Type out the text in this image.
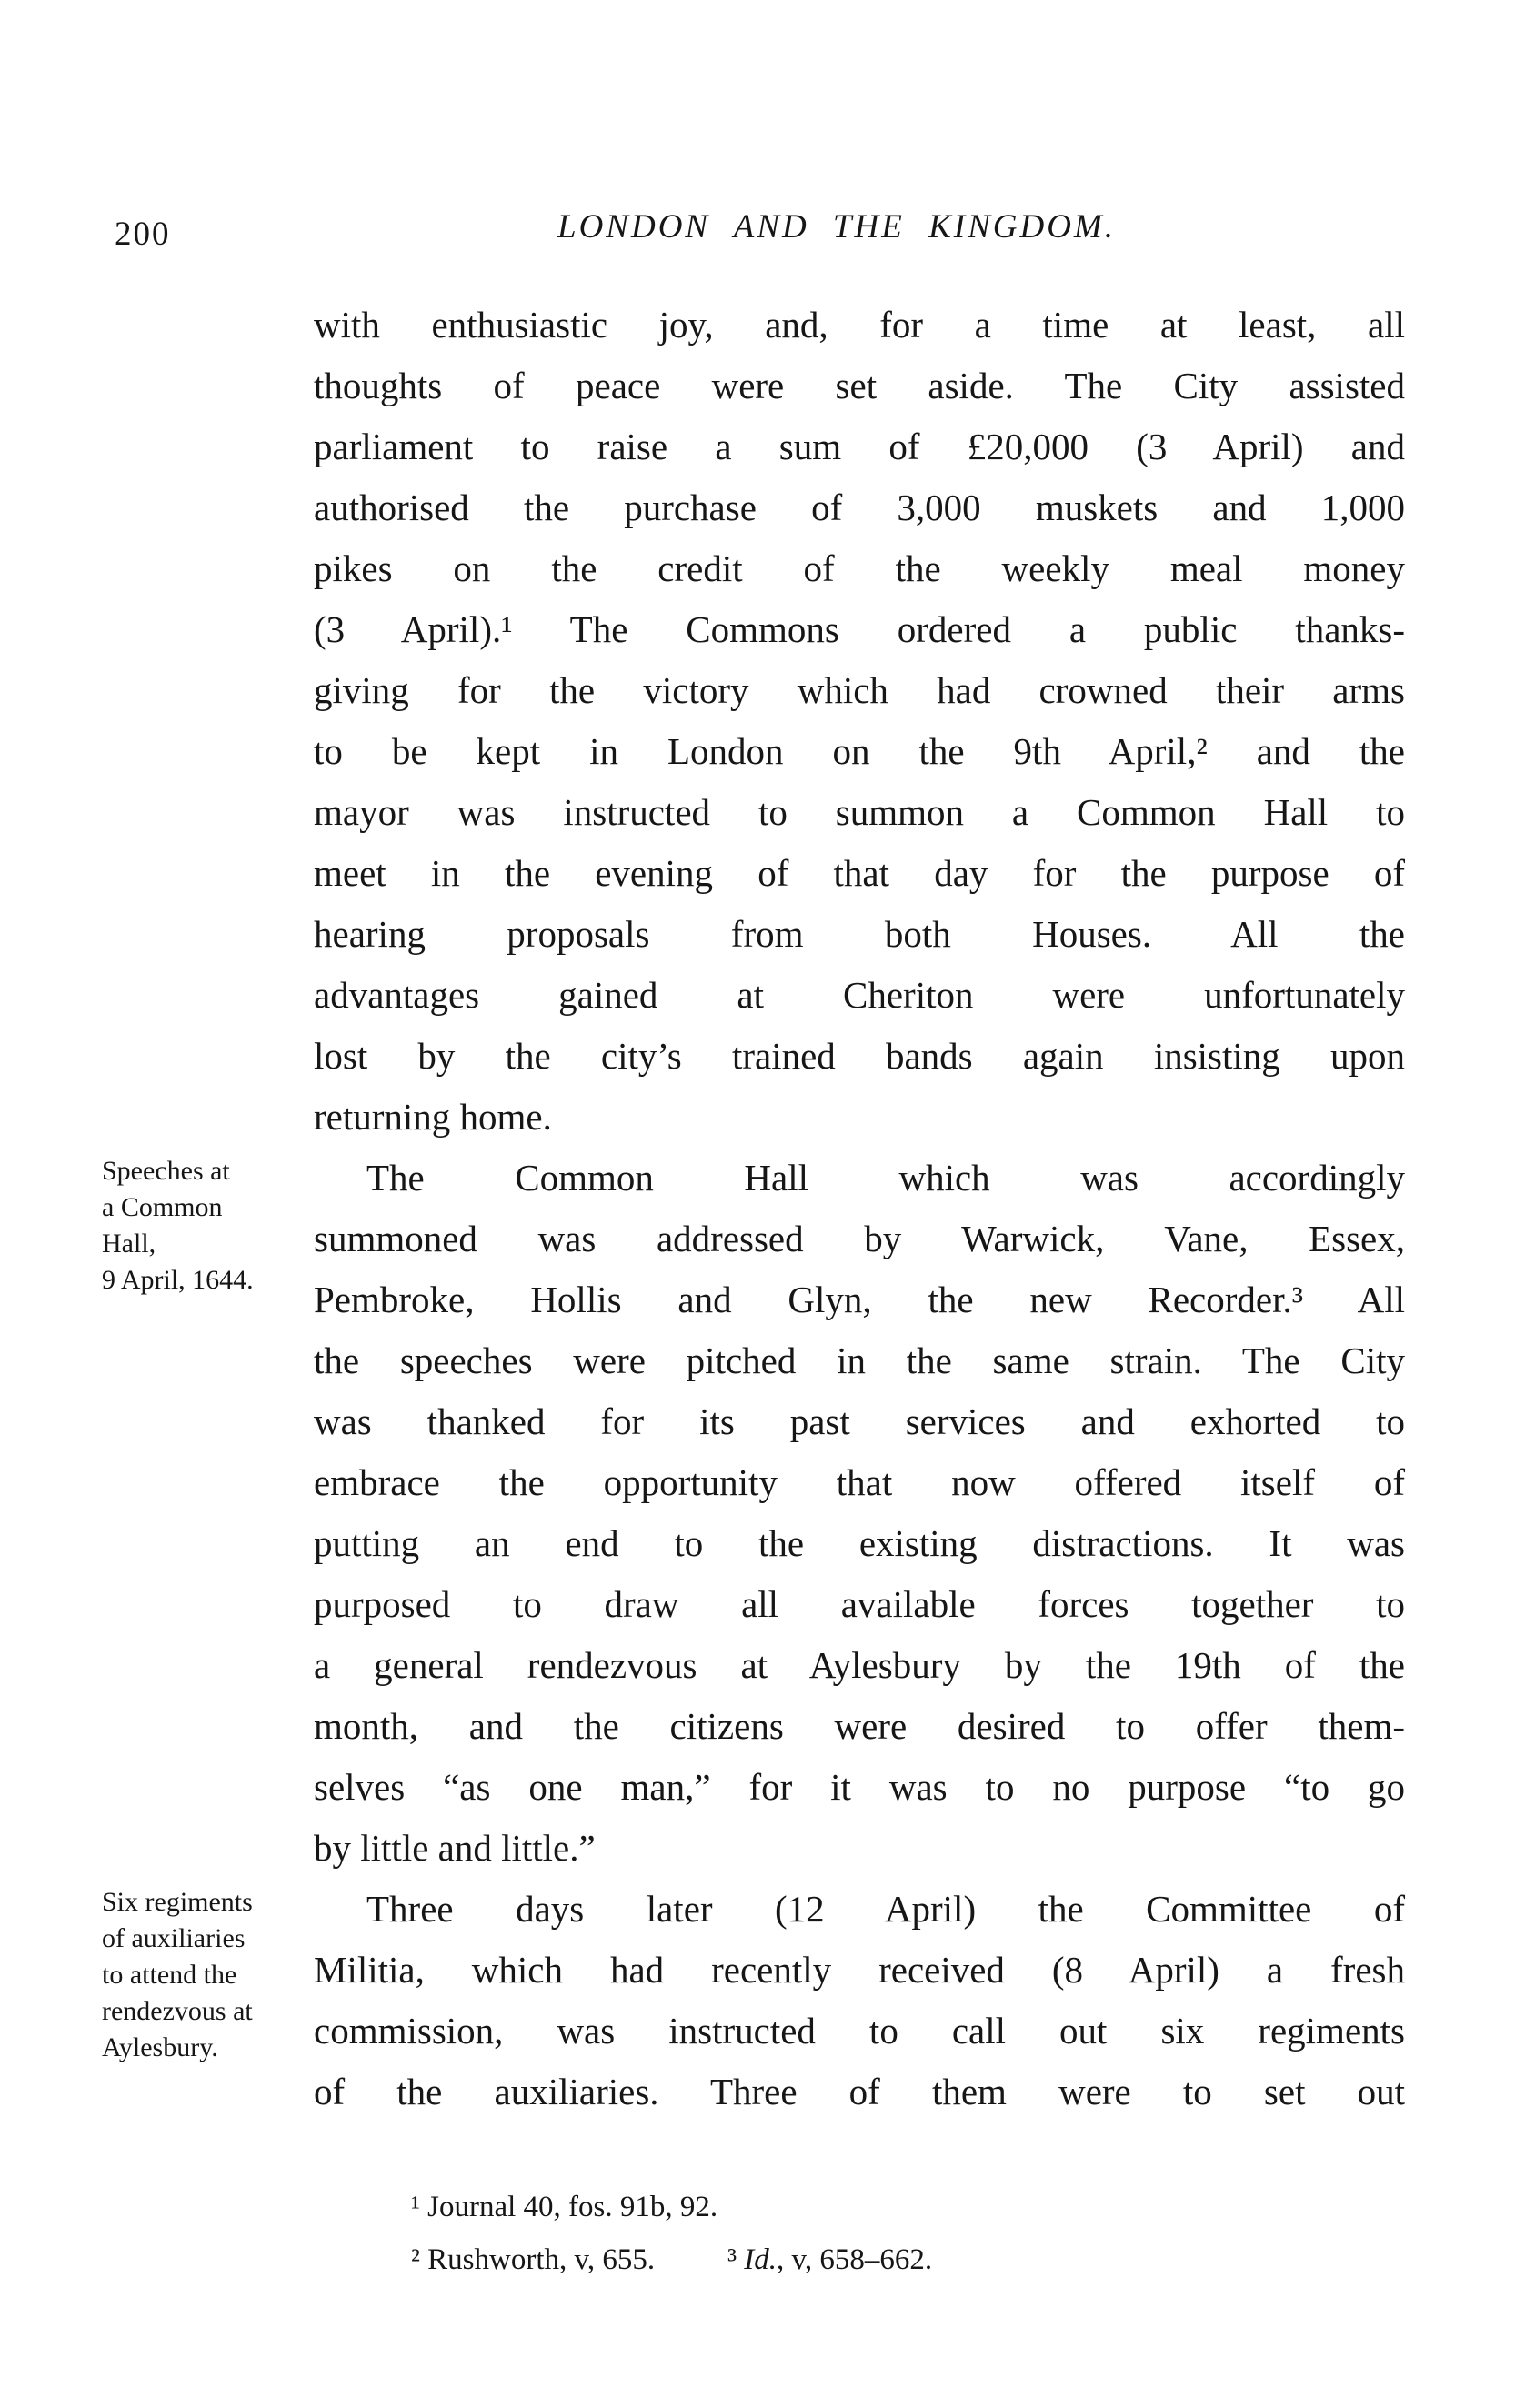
200	LONDON AND THE KINGDOM.
Speeches at
a Common
Hall,
9 April, 1644.
Six regiments
of auxiliaries
to attend the
rendezvous at
Aylesbury.
with enthusiastic joy, and, for a time at least, all
thoughts of peace were set aside. The City assisted
parliament to raise a sum of £20,000 (3 April) and
authorised the purchase of 3,000 muskets and 1,000
pikes on the credit of the weekly meal money
(3 April).¹ The Commons ordered a public thanks-
giving for the victory which had crowned their arms
to be kept in London on the 9th April,² and the
mayor was instructed to summon a Common Hall to
meet in the evening of that day for the purpose of
hearing proposals from both Houses. All the
advantages gained at Cheriton were unfortunately
lost by the city’s trained bands again insisting upon
returning home.
The Common Hall which was accordingly
summoned was addressed by Warwick, Vane, Essex,
Pembroke, Hollis and Glyn, the new Recorder.³ All
the speeches were pitched in the same strain. The City
was thanked for its past services and exhorted to
embrace the opportunity that now offered itself of
putting an end to the existing distractions. It was
purposed to draw all available forces together to
a general rendezvous at Aylesbury by the 19th of the
month, and the citizens were desired to offer them-
selves “as one man,” for it was to no purpose “to go
by little and little.”
Three days later (12 April) the Committee of
Militia, which had recently received (8 April) a fresh
commission, was instructed to call out six regiments
of the auxiliaries. Three of them were to set out
¹ Journal 40, fos. 91b, 92.
² Rushworth, v, 655. ³ Id., v, 658–662.
